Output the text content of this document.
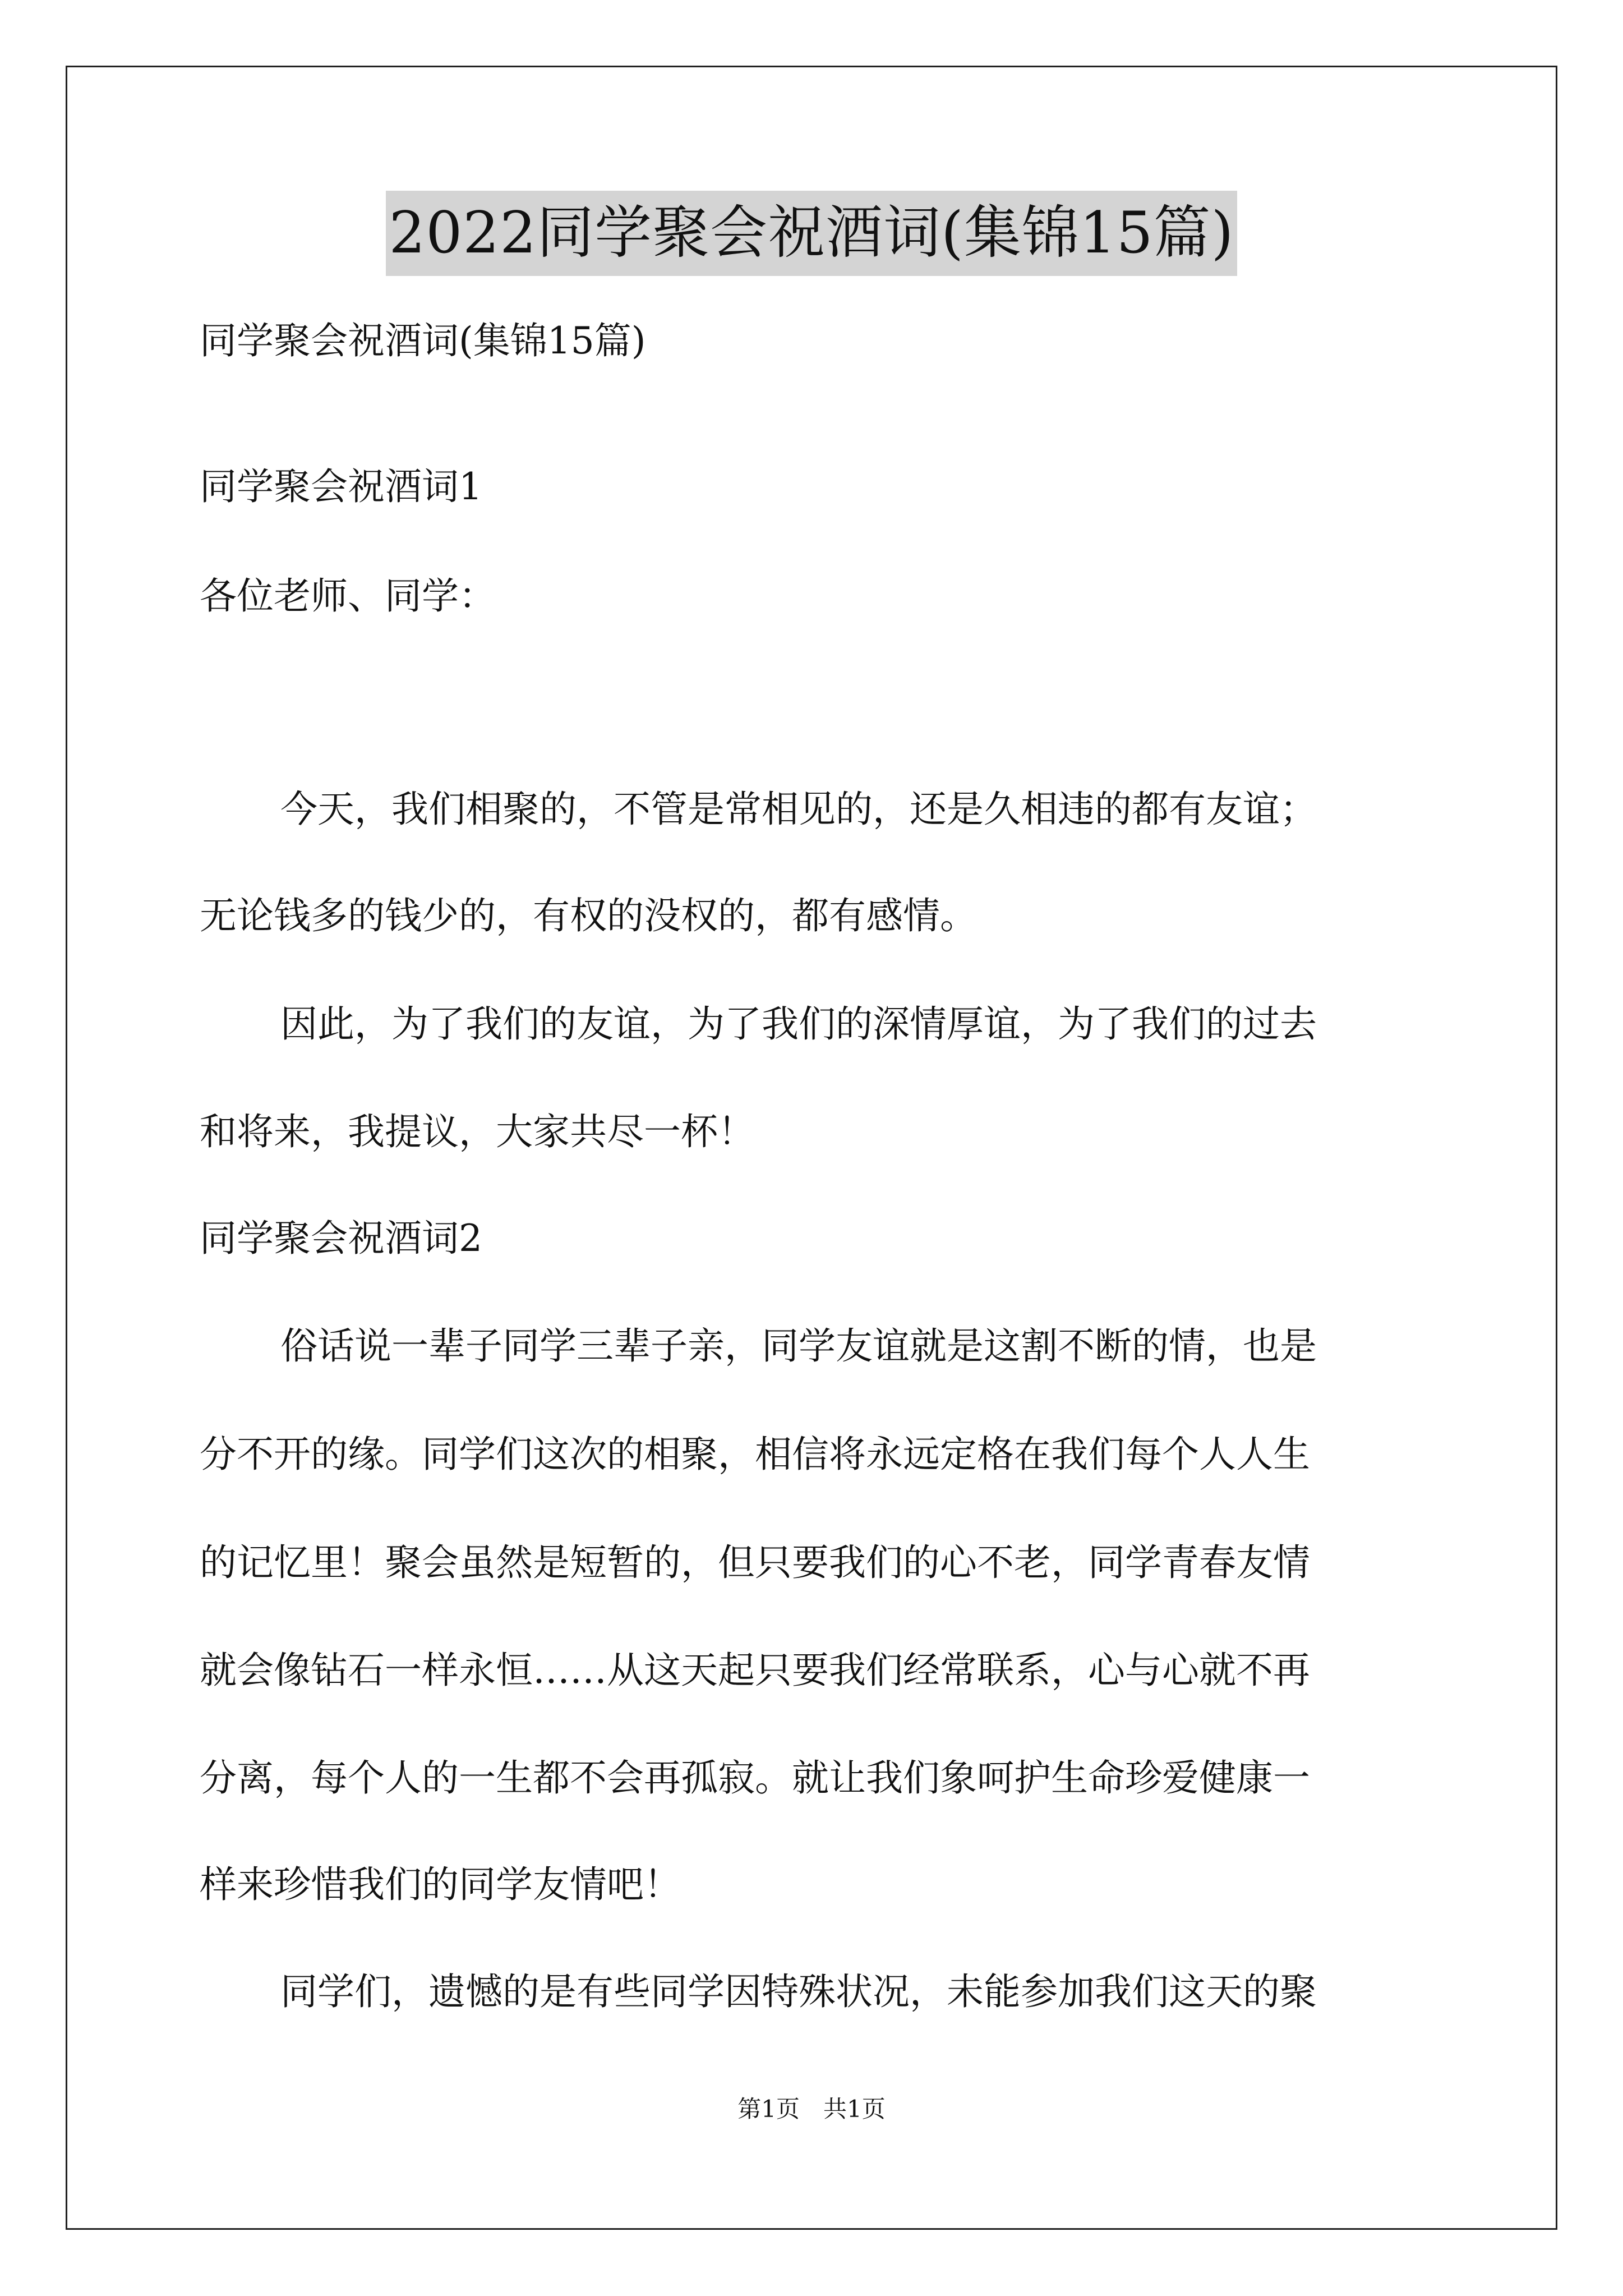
2022同学聚会祝酒词(集锦15篇)
同学聚会祝酒词(集锦15篇)
同学聚会祝酒词1
各位老师、同学：
今天，我们相聚的，不管是常相见的，还是久相违的都有友谊；
无论钱多的钱少的，有权的没权的，都有感情。
因此，为了我们的友谊，为了我们的深情厚谊，为了我们的过去
和将来，我提议，大家共尽一杯！
同学聚会祝酒词2
俗话说一辈子同学三辈子亲，同学友谊就是这割不断的情，也是
分不开的缘。同学们这次的相聚，相信将永远定格在我们每个人人生
的记忆里！聚会虽然是短暂的，但只要我们的心不老，同学青春友情
就会像钻石一样永恒……从这天起只要我们经常联系，心与心就不再
分离，每个人的一生都不会再孤寂。就让我们象呵护生命珍爱健康一
样来珍惜我们的同学友情吧！
同学们，遗憾的是有些同学因特殊状况，未能参加我们这天的聚
第1页　共1页
